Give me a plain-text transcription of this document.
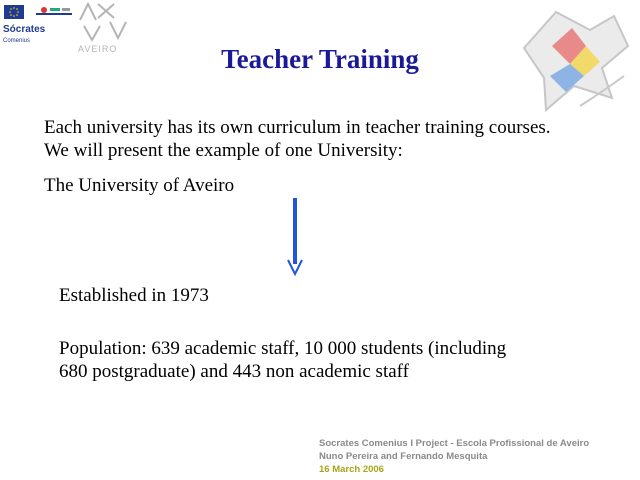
Sócrates
Comenius
AVEIRO	Teacher Training
Each university has its own curriculum in teacher training courses.
We will present the example of one University:
The University of Aveiro
Established in 1973
Population: 639 academic staff, 10 000 students (including
680 postgraduate) and 443 non academic staff
Socrates Comenius I Project - Escola Profissional de Aveiro
Nuno Pereira and Fernando Mesquita
16 March 2006
